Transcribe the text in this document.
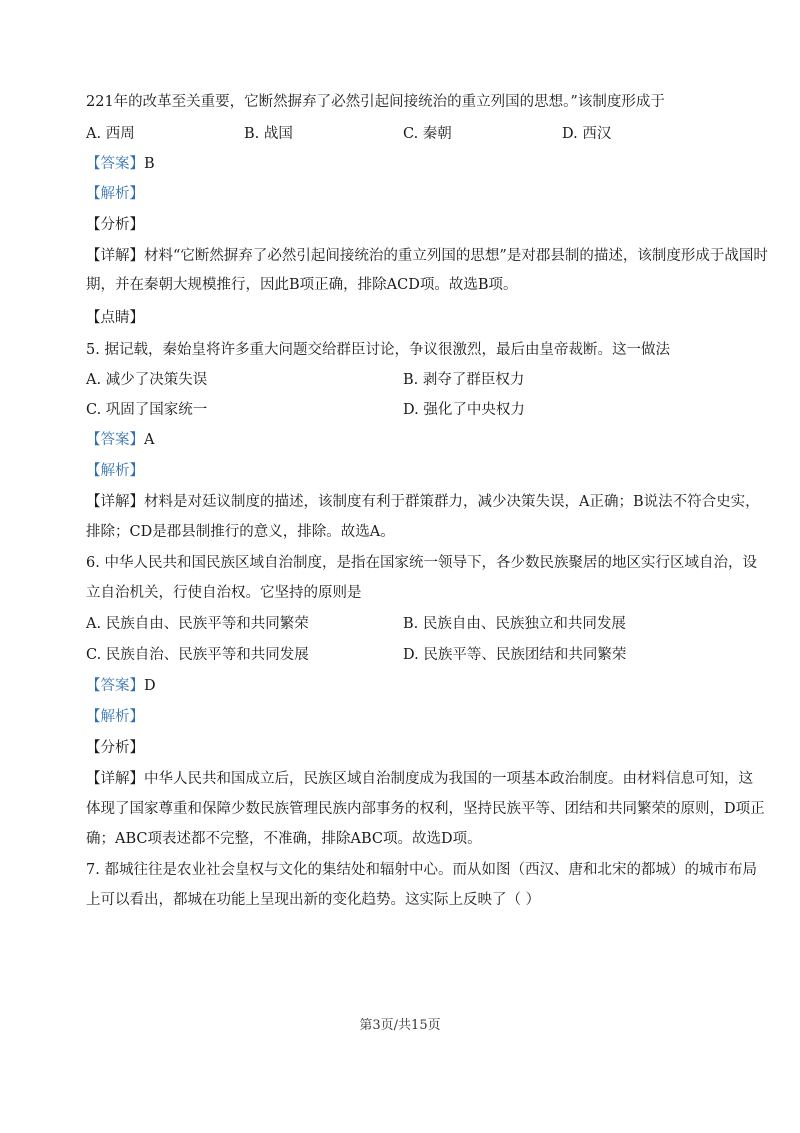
221年的改革至关重要，它断然摒弃了必然引起间接统治的重立列国的思想。”该制度形成于
A. 西周	B. 战国	C. 秦朝	D. 西汉
【答案】B
【解析】
【分析】
【详解】材料“它断然摒弃了必然引起间接统治的重立列国的思想”是对郡县制的描述，该制度形成于战国时
期，并在秦朝大规模推行，因此B项正确，排除ACD项。故选B项。
【点睛】
5. 据记载，秦始皇将许多重大问题交给群臣讨论，争议很激烈，最后由皇帝裁断。这一做法
A. 减少了决策失误	B. 剥夺了群臣权力
C. 巩固了国家统一	D. 强化了中央权力
【答案】A
【解析】
【详解】材料是对廷议制度的描述，该制度有利于群策群力，减少决策失误，A正确；B说法不符合史实，
排除；CD是郡县制推行的意义，排除。故选A。
6. 中华人民共和国民族区域自治制度，是指在国家统一领导下，各少数民族聚居的地区实行区域自治，设
立自治机关，行使自治权。它坚持的原则是
A. 民族自由、民族平等和共同繁荣	B. 民族自由、民族独立和共同发展
C. 民族自治、民族平等和共同发展	D. 民族平等、民族团结和共同繁荣
【答案】D
【解析】
【分析】
【详解】中华人民共和国成立后，民族区域自治制度成为我国的一项基本政治制度。由材料信息可知，这
体现了国家尊重和保障少数民族管理民族内部事务的权利，坚持民族平等、团结和共同繁荣的原则，D项正
确；ABC项表述都不完整，不准确，排除ABC项。故选D项。
7. 都城往往是农业社会皇权与文化的集结处和辐射中心。而从如图（西汉、唐和北宋的都城）的城市布局
上可以看出，都城在功能上呈现出新的变化趋势。这实际上反映了（ ）
第3页/共15页
